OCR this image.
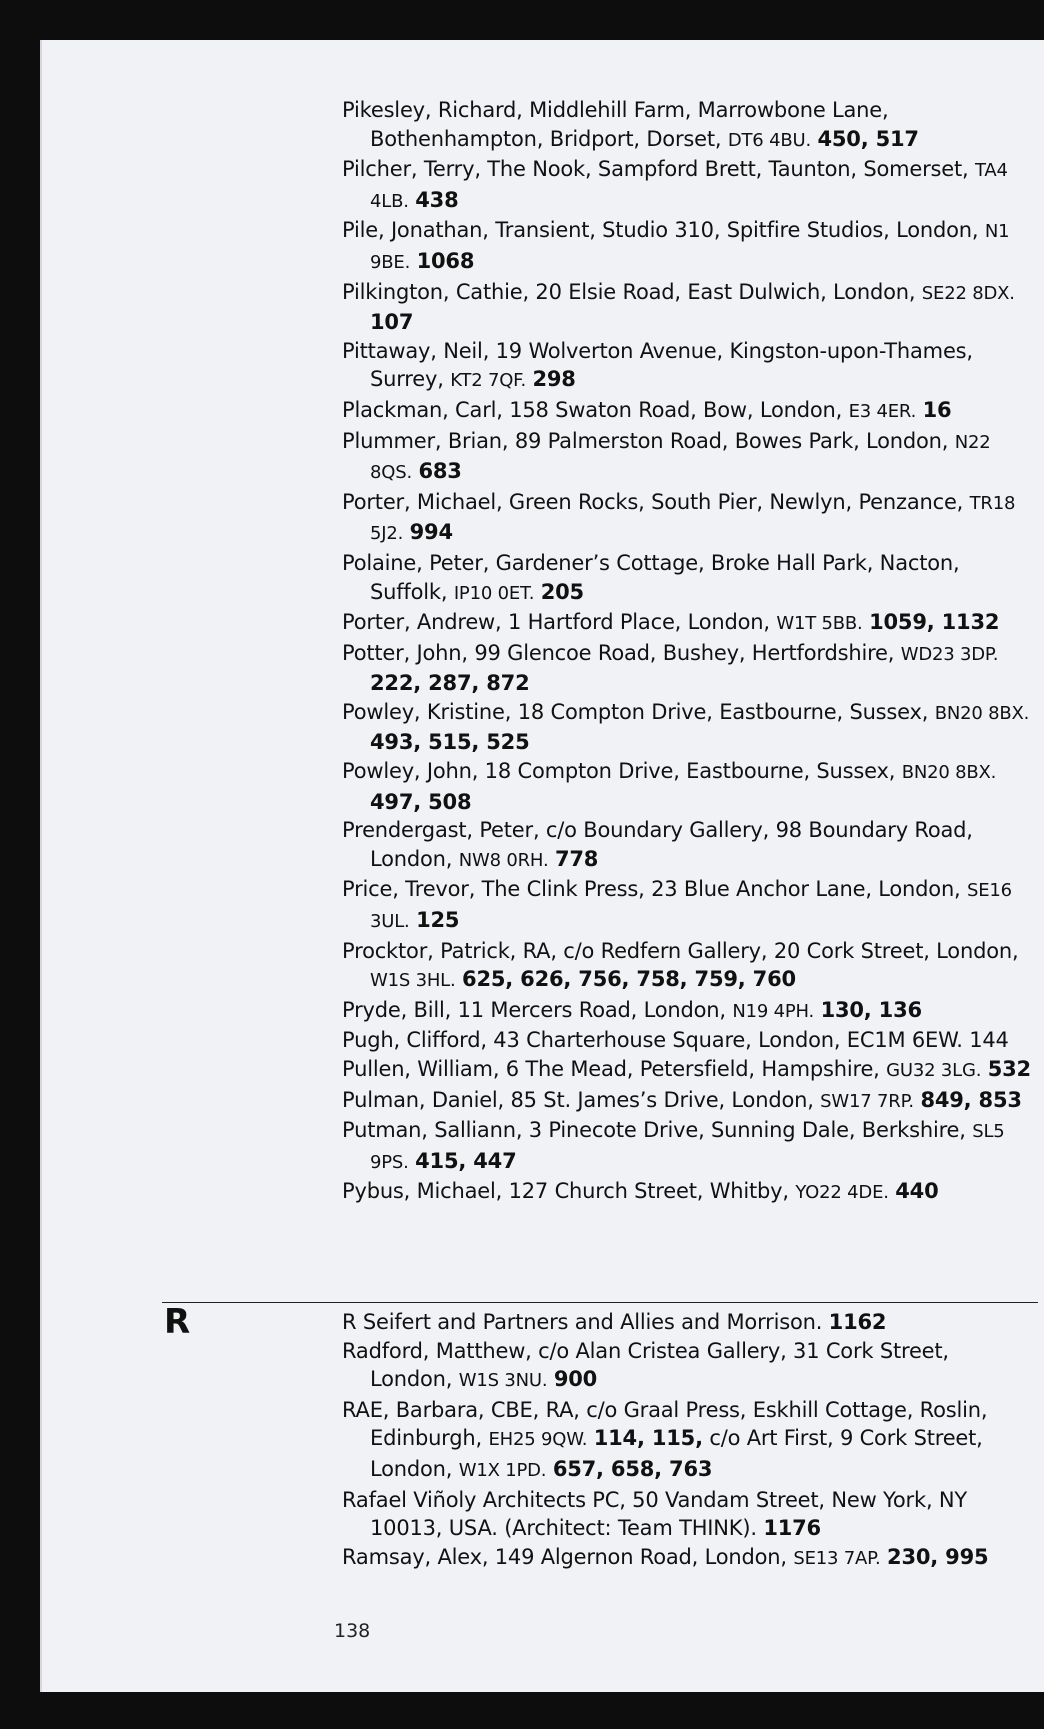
Pikesley, Richard, Middlehill Farm, Marrowbone Lane, Bothenhampton, Bridport, Dorset, DT6 4BU. 450, 517
Pilcher, Terry, The Nook, Sampford Brett, Taunton, Somerset, TA4 4LB. 438
Pile, Jonathan, Transient, Studio 310, Spitfire Studios, London, N1 9BE. 1068
Pilkington, Cathie, 20 Elsie Road, East Dulwich, London, SE22 8DX. 107
Pittaway, Neil, 19 Wolverton Avenue, Kingston-upon-Thames, Surrey, KT2 7QF. 298
Plackman, Carl, 158 Swaton Road, Bow, London, E3 4ER. 16
Plummer, Brian, 89 Palmerston Road, Bowes Park, London, N22 8QS. 683
Porter, Michael, Green Rocks, South Pier, Newlyn, Penzance, TR18 5J2. 994
Polaine, Peter, Gardener’s Cottage, Broke Hall Park, Nacton, Suffolk, IP10 0ET. 205
Porter, Andrew, 1 Hartford Place, London, W1T 5BB. 1059, 1132
Potter, John, 99 Glencoe Road, Bushey, Hertfordshire, WD23 3DP. 222, 287, 872
Powley, Kristine, 18 Compton Drive, Eastbourne, Sussex, BN20 8BX. 493, 515, 525
Powley, John, 18 Compton Drive, Eastbourne, Sussex, BN20 8BX. 497, 508
Prendergast, Peter, c/o Boundary Gallery, 98 Boundary Road, London, NW8 0RH. 778
Price, Trevor, The Clink Press, 23 Blue Anchor Lane, London, SE16 3UL. 125
Procktor, Patrick, RA, c/o Redfern Gallery, 20 Cork Street, London, W1S 3HL. 625, 626, 756, 758, 759, 760
Pryde, Bill, 11 Mercers Road, London, N19 4PH. 130, 136
Pugh, Clifford, 43 Charterhouse Square, London, EC1M 6EW. 144
Pullen, William, 6 The Mead, Petersfield, Hampshire, GU32 3LG. 532
Pulman, Daniel, 85 St. James’s Drive, London, SW17 7RP. 849, 853
Putman, Salliann, 3 Pinecote Drive, Sunning Dale, Berkshire, SL5 9PS. 415, 447
Pybus, Michael, 127 Church Street, Whitby, YO22 4DE. 440
R	R Seifert and Partners and Allies and Morrison. 1162
Radford, Matthew, c/o Alan Cristea Gallery, 31 Cork Street, London, W1S 3NU. 900
RAE, Barbara, CBE, RA, c/o Graal Press, Eskhill Cottage, Roslin, Edinburgh, EH25 9QW. 114, 115, c/o Art First, 9 Cork Street, London, W1X 1PD. 657, 658, 763
Rafael Viñoly Architects PC, 50 Vandam Street, New York, NY 10013, USA. (Architect: Team THINK). 1176
Ramsay, Alex, 149 Algernon Road, London, SE13 7AP. 230, 995
138
